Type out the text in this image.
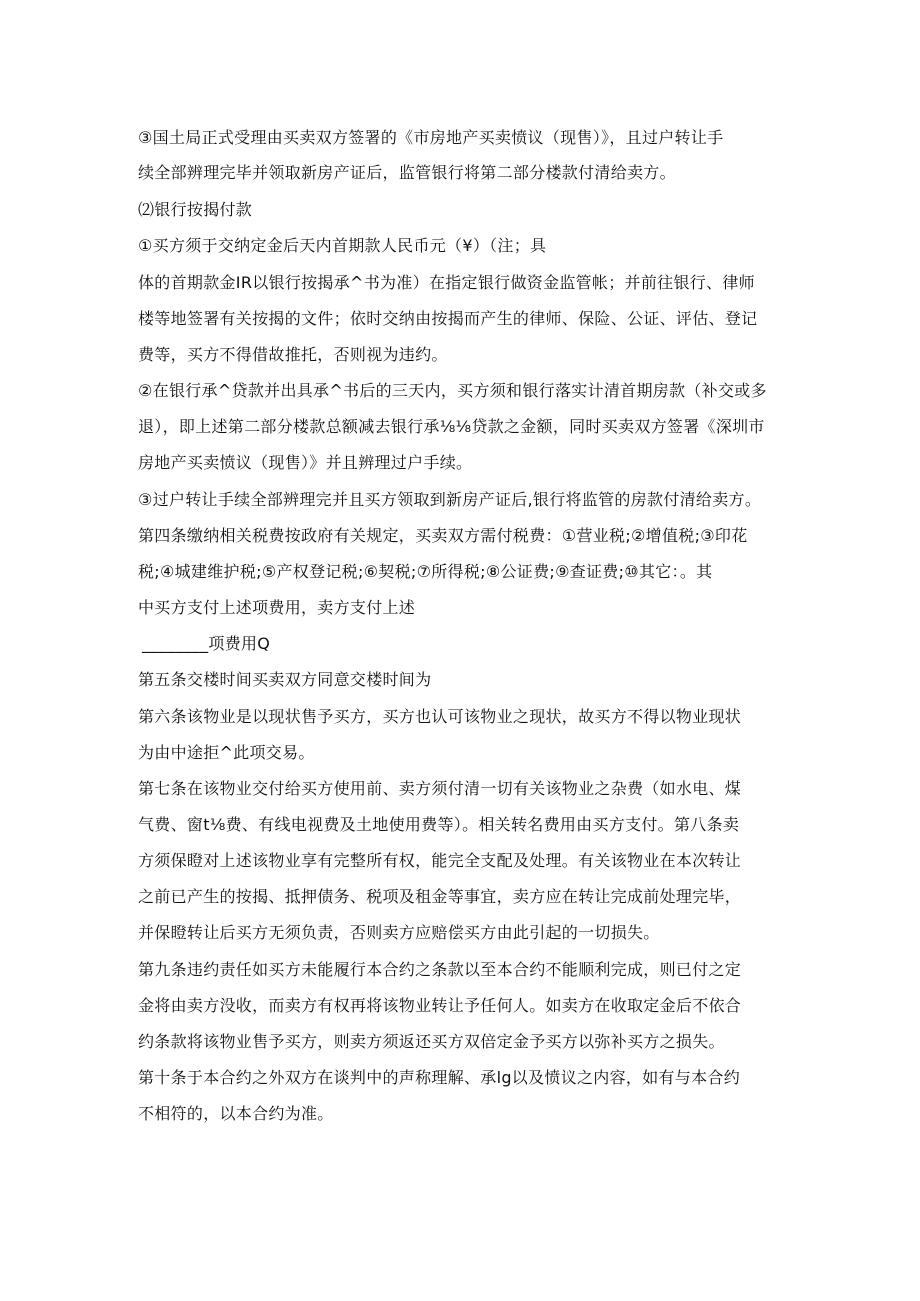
③国土局正式受理由买卖双方签署的《市房地产买卖愤议（现售）》，且过户转让手
续全部辨理完毕并领取新房产证后，监管银行将第二部分楼款付清给卖方。
⑵银行按揭付款
①买方须于交纳定金后天内首期款人民币元（¥）（注；具
体的首期款金IR以银行按揭承^书为准）在指定银行做资金监管帐；并前往银行、律师
楼等地签署有关按揭的文件；依时交纳由按揭而产生的律师、保险、公证、评估、登记
费等，买方不得借故推托，否则视为违约。
②在银行承^贷款并出具承^书后的三天内，买方须和银行落实计清首期房款（补交或多
退），即上述第二部分楼款总额减去银行承⅛⅛贷款之金额，同时买卖双方签署《深圳市
房地产买卖愤议（现售）》并且辨理过户手续。
③过户转让手续全部辨理完并且买方领取到新房产证后,银行将监管的房款付清给卖方。
第四条缴纳相关税费按政府有关规定，买卖双方需付税费：①营业税;②增值税;③印花
税;④城建维护税;⑤产权登记税;⑥契税;⑦所得税;⑧公证费;⑨查证费;⑩其它：。其
中买方支付上述项费用，卖方支付上述
________项费用Q
第五条交楼时间买卖双方同意交楼时间为
第六条该物业是以现状售予买方，买方也认可该物业之现状，故买方不得以物业现状
为由中途拒^此项交易。
第七条在该物业交付给买方使用前、卖方须付清一切有关该物业之杂费（如水电、煤
气费、窗t⅛费、有线电视费及土地使用费等）。相关转名费用由买方支付。第八条卖
方须保瞪对上述该物业享有完整所有权，能完全支配及处理。有关该物业在本次转让
之前已产生的按揭、抵押债务、税项及租金等事宜，卖方应在转让完成前处理完毕，
并保瞪转让后买方无须负责，否则卖方应赔偿买方由此引起的一切损失。
第九条违约责任如买方未能履行本合约之条款以至本合约不能顺利完成，则已付之定
金将由卖方没收，而卖方有权再将该物业转让予任何人。如卖方在收取定金后不依合
约条款将该物业售予买方，则卖方须返还买方双倍定金予买方以弥补买方之损失。
第十条于本合约之外双方在谈判中的声称理解、承lg以及愤议之内容，如有与本合约
不相符的，以本合约为准。
